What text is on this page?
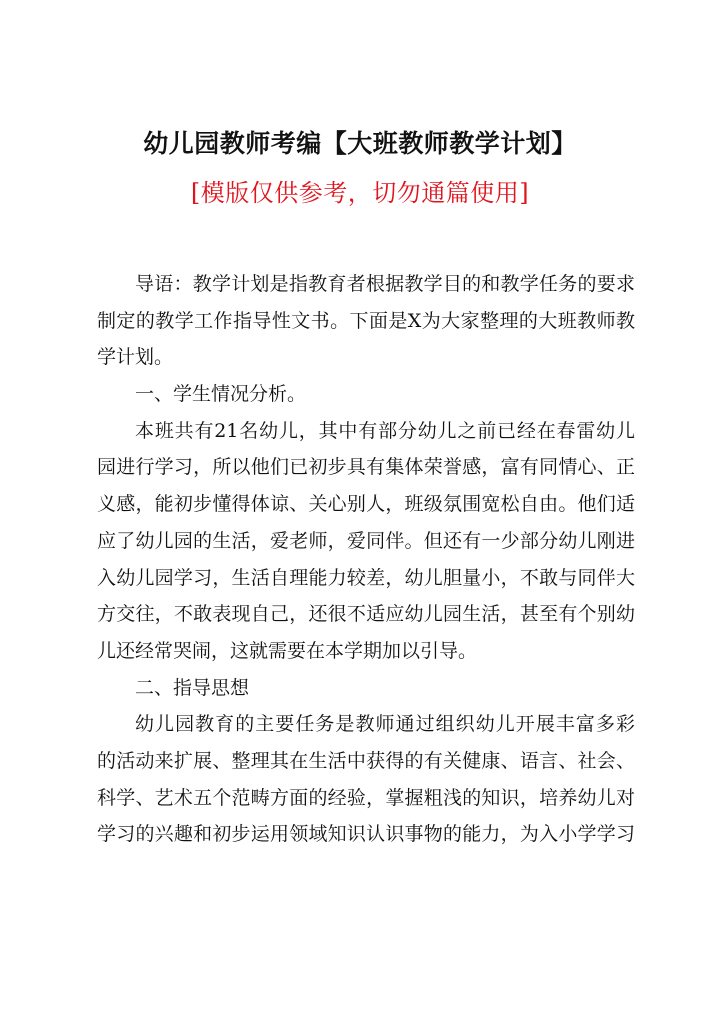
幼儿园教师考编【大班教师教学计划】
[模版仅供参考，切勿通篇使用]
导语：教学计划是指教育者根据教学目的和教学任务的要求
制定的教学工作指导性文书。下面是X为大家整理的大班教师教
学计划。
一、学生情况分析。
本班共有21名幼儿，其中有部分幼儿之前已经在春雷幼儿
园进行学习，所以他们已初步具有集体荣誉感，富有同情心、正
义感，能初步懂得体谅、关心别人，班级氛围宽松自由。他们适
应了幼儿园的生活，爱老师，爱同伴。但还有一少部分幼儿刚进
入幼儿园学习，生活自理能力较差，幼儿胆量小，不敢与同伴大
方交往，不敢表现自己，还很不适应幼儿园生活，甚至有个别幼
儿还经常哭闹，这就需要在本学期加以引导。
二、指导思想
幼儿园教育的主要任务是教师通过组织幼儿开展丰富多彩
的活动来扩展、整理其在生活中获得的有关健康、语言、社会、
科学、艺术五个范畴方面的经验，掌握粗浅的知识，培养幼儿对
学习的兴趣和初步运用领域知识认识事物的能力，为入小学学习
